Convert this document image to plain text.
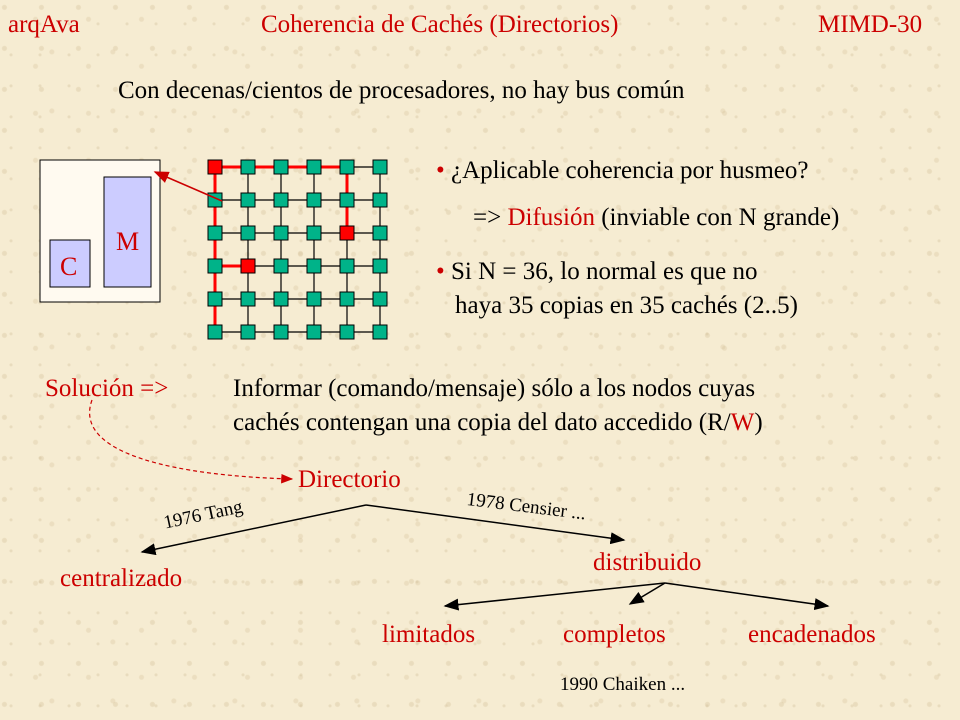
arqAva	Coherencia de Cachés (Directorios)	MIMD-30
Con decenas/cientos de procesadores, no hay bus común
M
C
• ¿Aplicable coherencia por husmeo?
=> Difusión (inviable con N grande)
• Si N = 36, lo normal es que no
haya 35 copias en 35 cachés (2..5)
Solución =>	Informar (comando/mensaje) sólo a los nodos cuyas
cachés contengan una copia del dato accedido (R/W)
Directorio
1976 Tang	1978 Censier ...
centralizado
distribuido
limitados	completos	encadenados
1990 Chaiken ...
